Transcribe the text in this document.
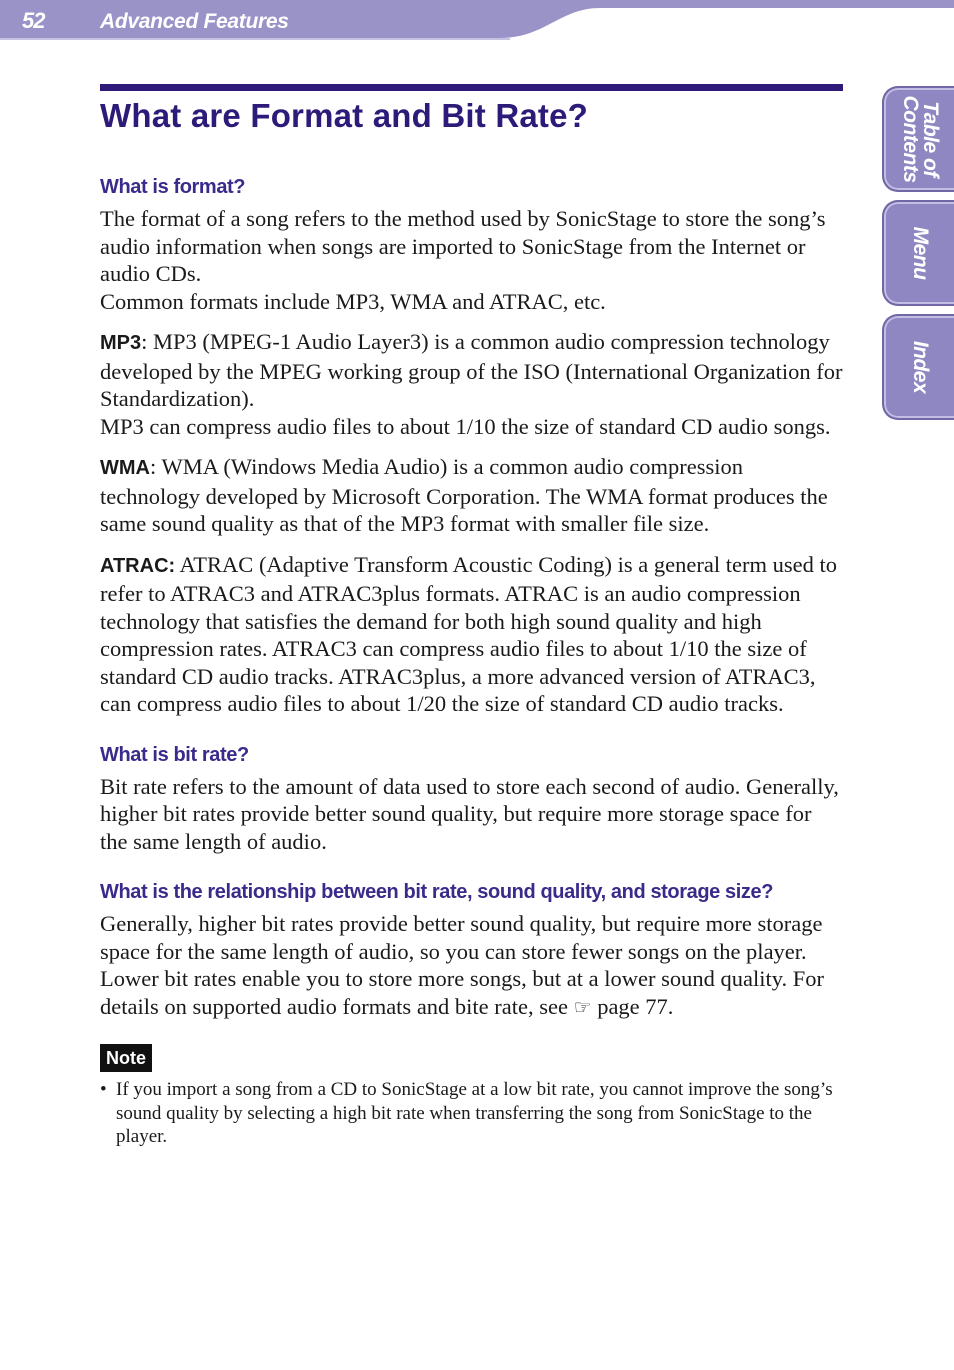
52	Advanced Features
Table of
Contents
Menu
Index
What are Format and Bit Rate?
What is format?

The format of a song refers to the method used by SonicStage to store the song’s audio information when songs are imported to SonicStage from the Internet or audio CDs.

Common formats include MP3, WMA and ATRAC, etc.

MP3: MP3 (MPEG-1 Audio Layer3) is a common audio compression technology developed by the MPEG working group of the ISO (International Organization for Standardization).

MP3 can compress audio files to about 1/10 the size of standard CD audio songs.

WMA: WMA (Windows Media Audio) is a common audio compression technology developed by Microsoft Corporation. The WMA format produces the same sound quality as that of the MP3 format with smaller file size.

ATRAC: ATRAC (Adaptive Transform Acoustic Coding) is a general term used to refer to ATRAC3 and ATRAC3plus formats. ATRAC is an audio compression technology that satisfies the demand for both high sound quality and high compression rates. ATRAC3 can compress audio files to about 1/10 the size of standard CD audio tracks. ATRAC3plus, a more advanced version of ATRAC3, can compress audio files to about 1/20 the size of standard CD audio tracks.

What is bit rate?

Bit rate refers to the amount of data used to store each second of audio. Generally, higher bit rates provide better sound quality, but require more storage space for the same length of audio.

What is the relationship between bit rate, sound quality, and storage size?

Generally, higher bit rates provide better sound quality, but require more storage space for the same length of audio, so you can store fewer songs on the player. Lower bit rates enable you to store more songs, but at a lower sound quality. For details on supported audio formats and bite rate, see ☞ page 77.

Note
• If you import a song from a CD to SonicStage at a low bit rate, you cannot improve the song’s sound quality by selecting a high bit rate when transferring the song from SonicStage to the player.
